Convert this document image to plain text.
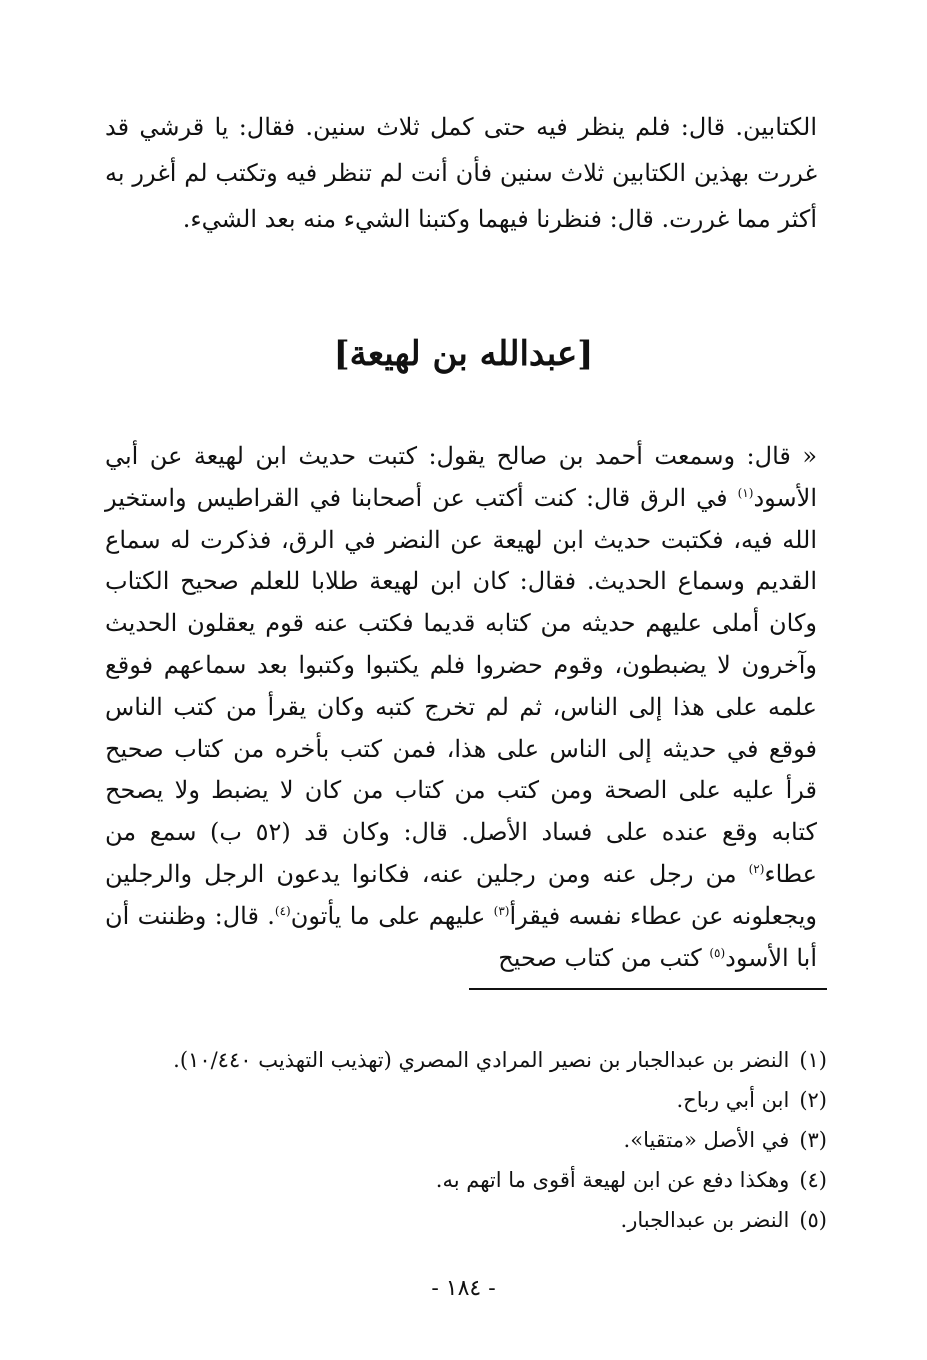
الكتابين. قال: فلم ينظر فيه حتى كمل ثلاث سنين. فقال: يا قرشي قد غررت بهذين الكتابين ثلاث سنين فأن أنت لم تنظر فيه وتكتب لم أغرر به أكثر مما غررت. قال: فنظرنا فيهما وكتبنا الشيء منه بعد الشيء.

[عبدالله بن لهيعة]

« قال: وسمعت أحمد بن صالح يقول: كتبت حديث ابن لهيعة عن أبي الأسود$^{(١)}$ في الرق قال: كنت أكتب عن أصحابنا في القراطيس واستخير الله فيه، فكتبت حديث ابن لهيعة عن النضر في الرق، فذكرت له سماع القديم وسماع الحديث. فقال: كان ابن لهيعة طلابا للعلم صحيح الكتاب وكان أملى عليهم حديثه من كتابه قديما فكتب عنه قوم يعقلون الحديث وآخرون لا يضبطون، وقوم حضروا فلم يكتبوا وكتبوا بعد سماعهم فوقع علمه على هذا إلى الناس، ثم لم تخرج كتبه وكان يقرأ من كتب الناس فوقع في حديثه إلى الناس على هذا، فمن كتب بأخره من كتاب صحيح قرأ عليه على الصحة ومن كتب من كتاب من كان لا يضبط ولا يصحح كتابه وقع عنده على فساد الأصل. قال: وكان قد (٥٢ ب) سمع من عطاء$^{(٢)}$ من رجل عنه ومن رجلين عنه، فكانوا يدعون الرجل والرجلين ويجعلونه عن عطاء نفسه فيقرأ$^{(٣)}$ عليهم على ما يأتون$^{(٤)}$. قال: وظننت أن أبا الأسود$^{(٥)}$ كتب من كتاب صحيح

(١)النضر بن عبدالجبار بن نصير المرادي المصري (تهذيب التهذيب ١٠/٤٤٠).
(٢)ابن أبي رباح.
(٣)في الأصل «متقيا».
(٤)وهكذا دفع عن ابن لهيعة أقوى ما اتهم به.
(٥)النضر بن عبدالجبار.
- ١٨٤ -
